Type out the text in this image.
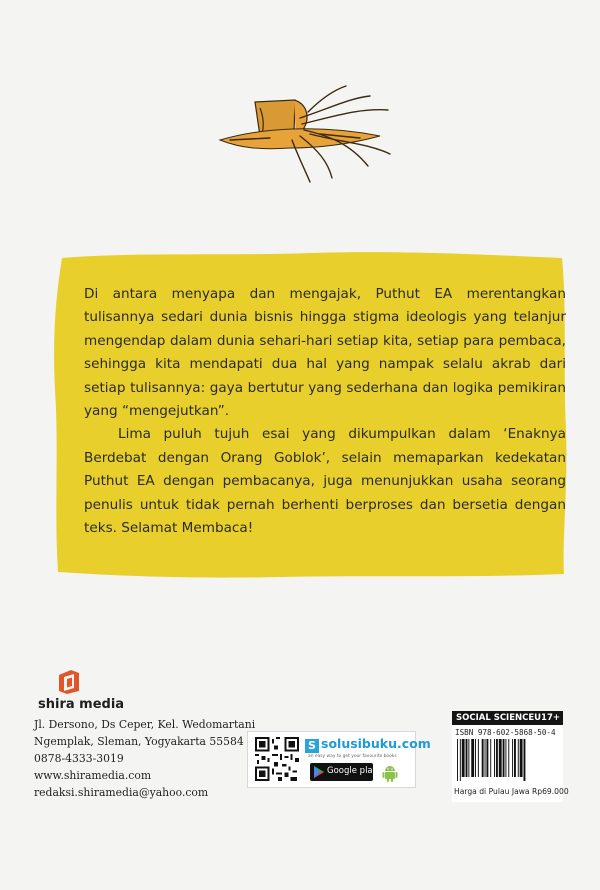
Di antara menyapa dan mengajak, Puthut EA merentangkan tulisannya sedari dunia bisnis hingga stigma ideologis yang telanjur mengendap dalam dunia sehari-hari setiap kita, setiap para pembaca, sehingga kita mendapati dua hal yang nampak selalu akrab dari setiap tulisannya: gaya bertutur yang sederhana dan logika pemikiran yang “mengejutkan”.

Lima puluh tujuh esai yang dikumpulkan dalam ‘Enaknya Berdebat dengan Orang Goblok’, selain memaparkan kedekatan Puthut EA dengan pembacanya, juga menunjukkan usaha seorang penulis untuk tidak pernah berhenti berproses dan bersetia dengan teks. Selamat Membaca!

shira media
Jl. Dersono, Ds Ceper, Kel. Wedomartani
Ngemplak, Sleman, Yogyakarta 55584
0878-4333-3019
www.shiramedia.com
redaksi.shiramedia@yahoo.com
S solusibuku.com
an easy way to get your favourite books
Google play
SOCIAL SCIENCE U17+
ISBN 978-602-5868-50-4
Harga di Pulau Jawa Rp69.000
